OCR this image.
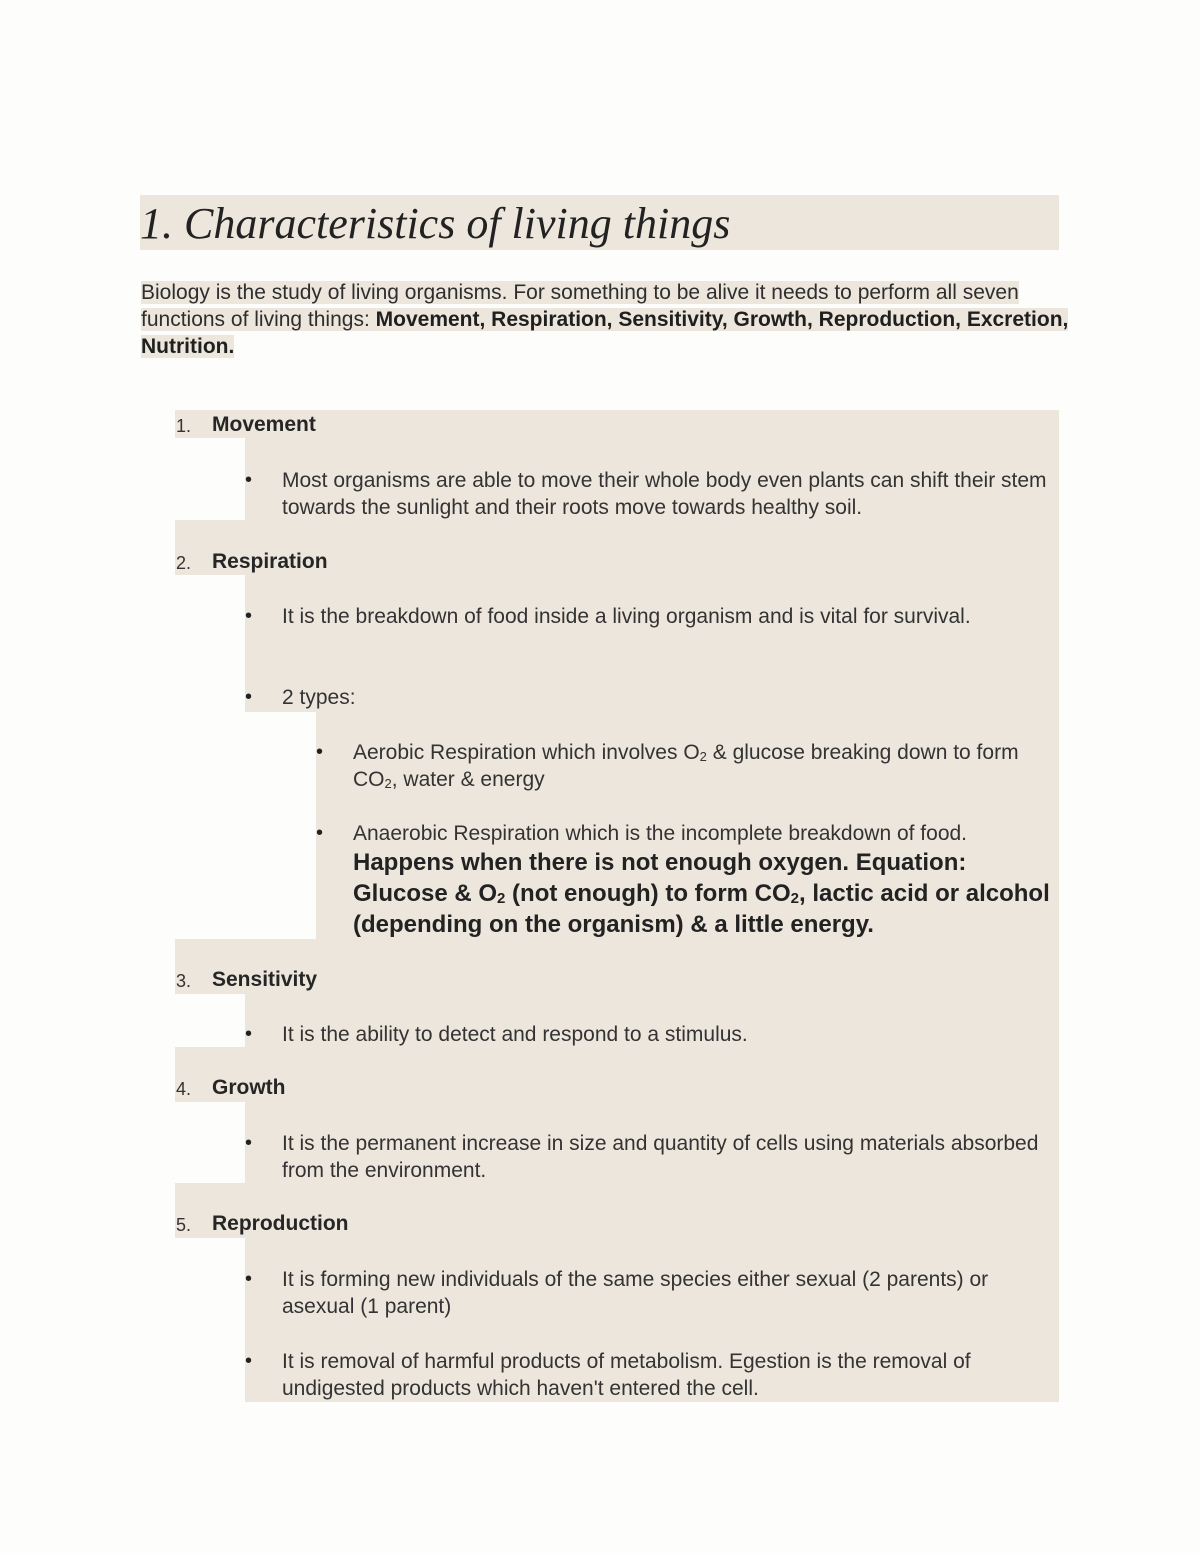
1. Characteristics of living things
Biology is the study of living organisms. For something to be alive it needs to perform all seven functions of living things: Movement, Respiration, Sensitivity, Growth, Reproduction, Excretion, Nutrition.
1. Movement
• Most organisms are able to move their whole body even plants can shift their stem towards the sunlight and their roots move towards healthy soil.
2. Respiration
• It is the breakdown of food inside a living organism and is vital for survival.
• 2 types:
• Aerobic Respiration which involves $O_2$ & glucose breaking down to form $CO_2$, water & energy
• Anaerobic Respiration which is the incomplete breakdown of food. Happens when there is not enough oxygen. Equation: Glucose & $O_2$ (not enough) to form $CO_2$, lactic acid or alcohol (depending on the organism) & a little energy.
3. Sensitivity
• It is the ability to detect and respond to a stimulus.
4. Growth
• It is the permanent increase in size and quantity of cells using materials absorbed from the environment.
5. Reproduction
• It is forming new individuals of the same species either sexual (2 parents) or asexual (1 parent)
• It is removal of harmful products of metabolism. Egestion is the removal of undigested products which haven't entered the cell.
